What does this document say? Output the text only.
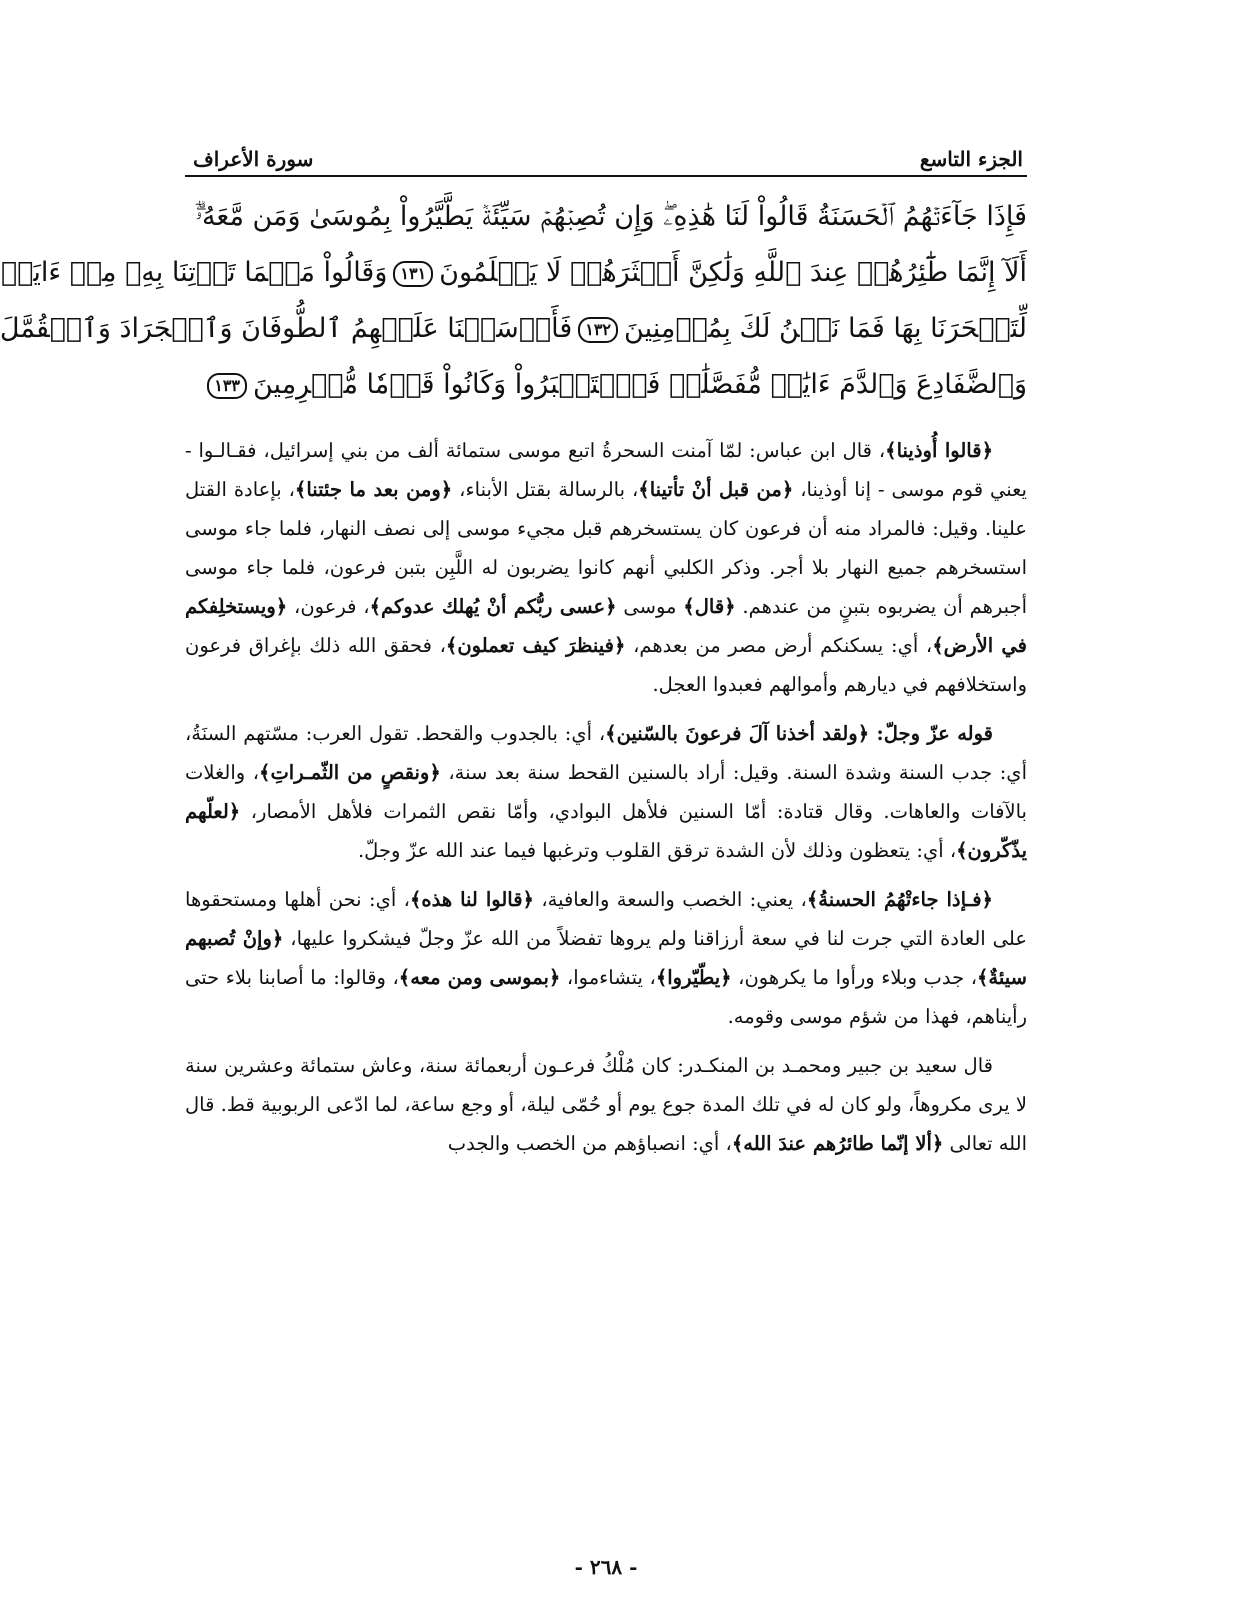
الجزء التاسع
سورة الأعراف
فَإِذَا جَآءَتۡهُمُ ٱلۡحَسَنَةُ قَالُواْ لَنَا هَٰذِهِۦۖ وَإِن تُصِبۡهُمۡ سَيِّئَةٞ يَطَّيَّرُواْ بِمُوسَىٰ وَمَن مَّعَهُۥٓۗ
أَلَآ إِنَّمَا طَٰٓئِرُهُمۡ عِندَ ٱللَّهِ وَلَٰكِنَّ أَكۡثَرَهُمۡ لَا يَعۡلَمُونَ١٣١وَقَالُواْ مَهۡمَا تَأۡتِنَا بِهِۦ مِنۡ ءَايَةٖ
لِّتَسۡحَرَنَا بِهَا فَمَا نَحۡنُ لَكَ بِمُؤۡمِنِينَ١٣٢فَأَرۡسَلۡنَا عَلَيۡهِمُ ٱلطُّوفَانَ وَٱلۡجَرَادَ وَٱلۡقُمَّلَ
وَٱلضَّفَادِعَ وَٱلدَّمَ ءَايَٰتٖ مُّفَصَّلَٰتٖ فَٱسۡتَكۡبَرُواْ وَكَانُواْ قَوۡمٗا مُّجۡرِمِينَ١٣٣

﴿قالوا أُوذينا﴾، قال ابن عباس: لمّا آمنت السحرةُ اتبع موسى ستمائة ألف من بني إسرائيل، فقـالـوا - يعني قوم موسى - إنا أوذينا، ﴿من قبل أنْ تأتينا﴾، بالرسالة بقتل الأبناء، ﴿ومن بعد ما جئتنا﴾، بإعادة القتل علينا. وقيل: فالمراد منه أن فرعون كان يستسخرهم قبل مجيء موسى إلى نصف النهار، فلما جاء موسى استسخرهم جميع النهار بلا أجر. وذكر الكلبي أنهم كانوا يضربون له اللَّبِن بتبن فرعون، فلما جاء موسى أجبرهم أن يضربوه بتبنٍ من عندهم. ﴿قال﴾ موسى ﴿عسى ربُّكم أنْ يُهلك عدوكم﴾، فرعون، ﴿ويستخلِفكم في الأرض﴾، أي: يسكنكم أرض مصر من بعدهم، ﴿فينظرَ كيف تعملون﴾، فحقق الله ذلك بإغراق فرعون واستخلافهم في ديارهم وأموالهم فعبدوا العجل.

قوله عزّ وجلّ: ﴿ولقد أخذنا آلَ فرعونَ بالسّنين﴾، أي: بالجدوب والقحط. تقول العرب: مسّتهم السنَةُ، أي: جدب السنة وشدة السنة. وقيل: أراد بالسنين القحط سنة بعد سنة، ﴿ونقصٍ من الثّمـراتِ﴾، والغلات بالآفات والعاهات. وقال قتادة: أمّا السنين فلأهل البوادي، وأمّا نقص الثمرات فلأهل الأمصار، ﴿لعلّهم يذّكّرون﴾، أي: يتعظون وذلك لأن الشدة ترقق القلوب وترغبها فيما عند الله عزّ وجلّ.

﴿فـإذا جاءتْهُمُ الحسنةُ﴾، يعني: الخصب والسعة والعافية، ﴿قالوا لنا هذه﴾، أي: نحن أهلها ومستحقوها على العادة التي جرت لنا في سعة أرزاقنا ولم يروها تفضلاً من الله عزّ وجلّ فيشكروا عليها، ﴿وإنْ تُصبهم سيئةٌ﴾، جدب وبلاء ورأوا ما يكرهون، ﴿يطّيّروا﴾، يتشاءموا، ﴿بموسى ومن معه﴾، وقالوا: ما أصابنا بلاء حتى رأيناهم، فهذا من شؤم موسى وقومه.

قال سعيد بن جبير ومحمـد بن المنكـدر: كان مُلْكُ فرعـون أربعمائة سنة، وعاش ستمائة وعشرين سنة لا يرى مكروهاً، ولو كان له في تلك المدة جوع يوم أو حُمّى ليلة، أو وجع ساعة، لما ادّعى الربوبية قط. قال الله تعالى ﴿ألا إنّما طائرُهم عندَ الله﴾، أي: انصباؤهم من الخصب والجدب

- ٢٦٨ -
